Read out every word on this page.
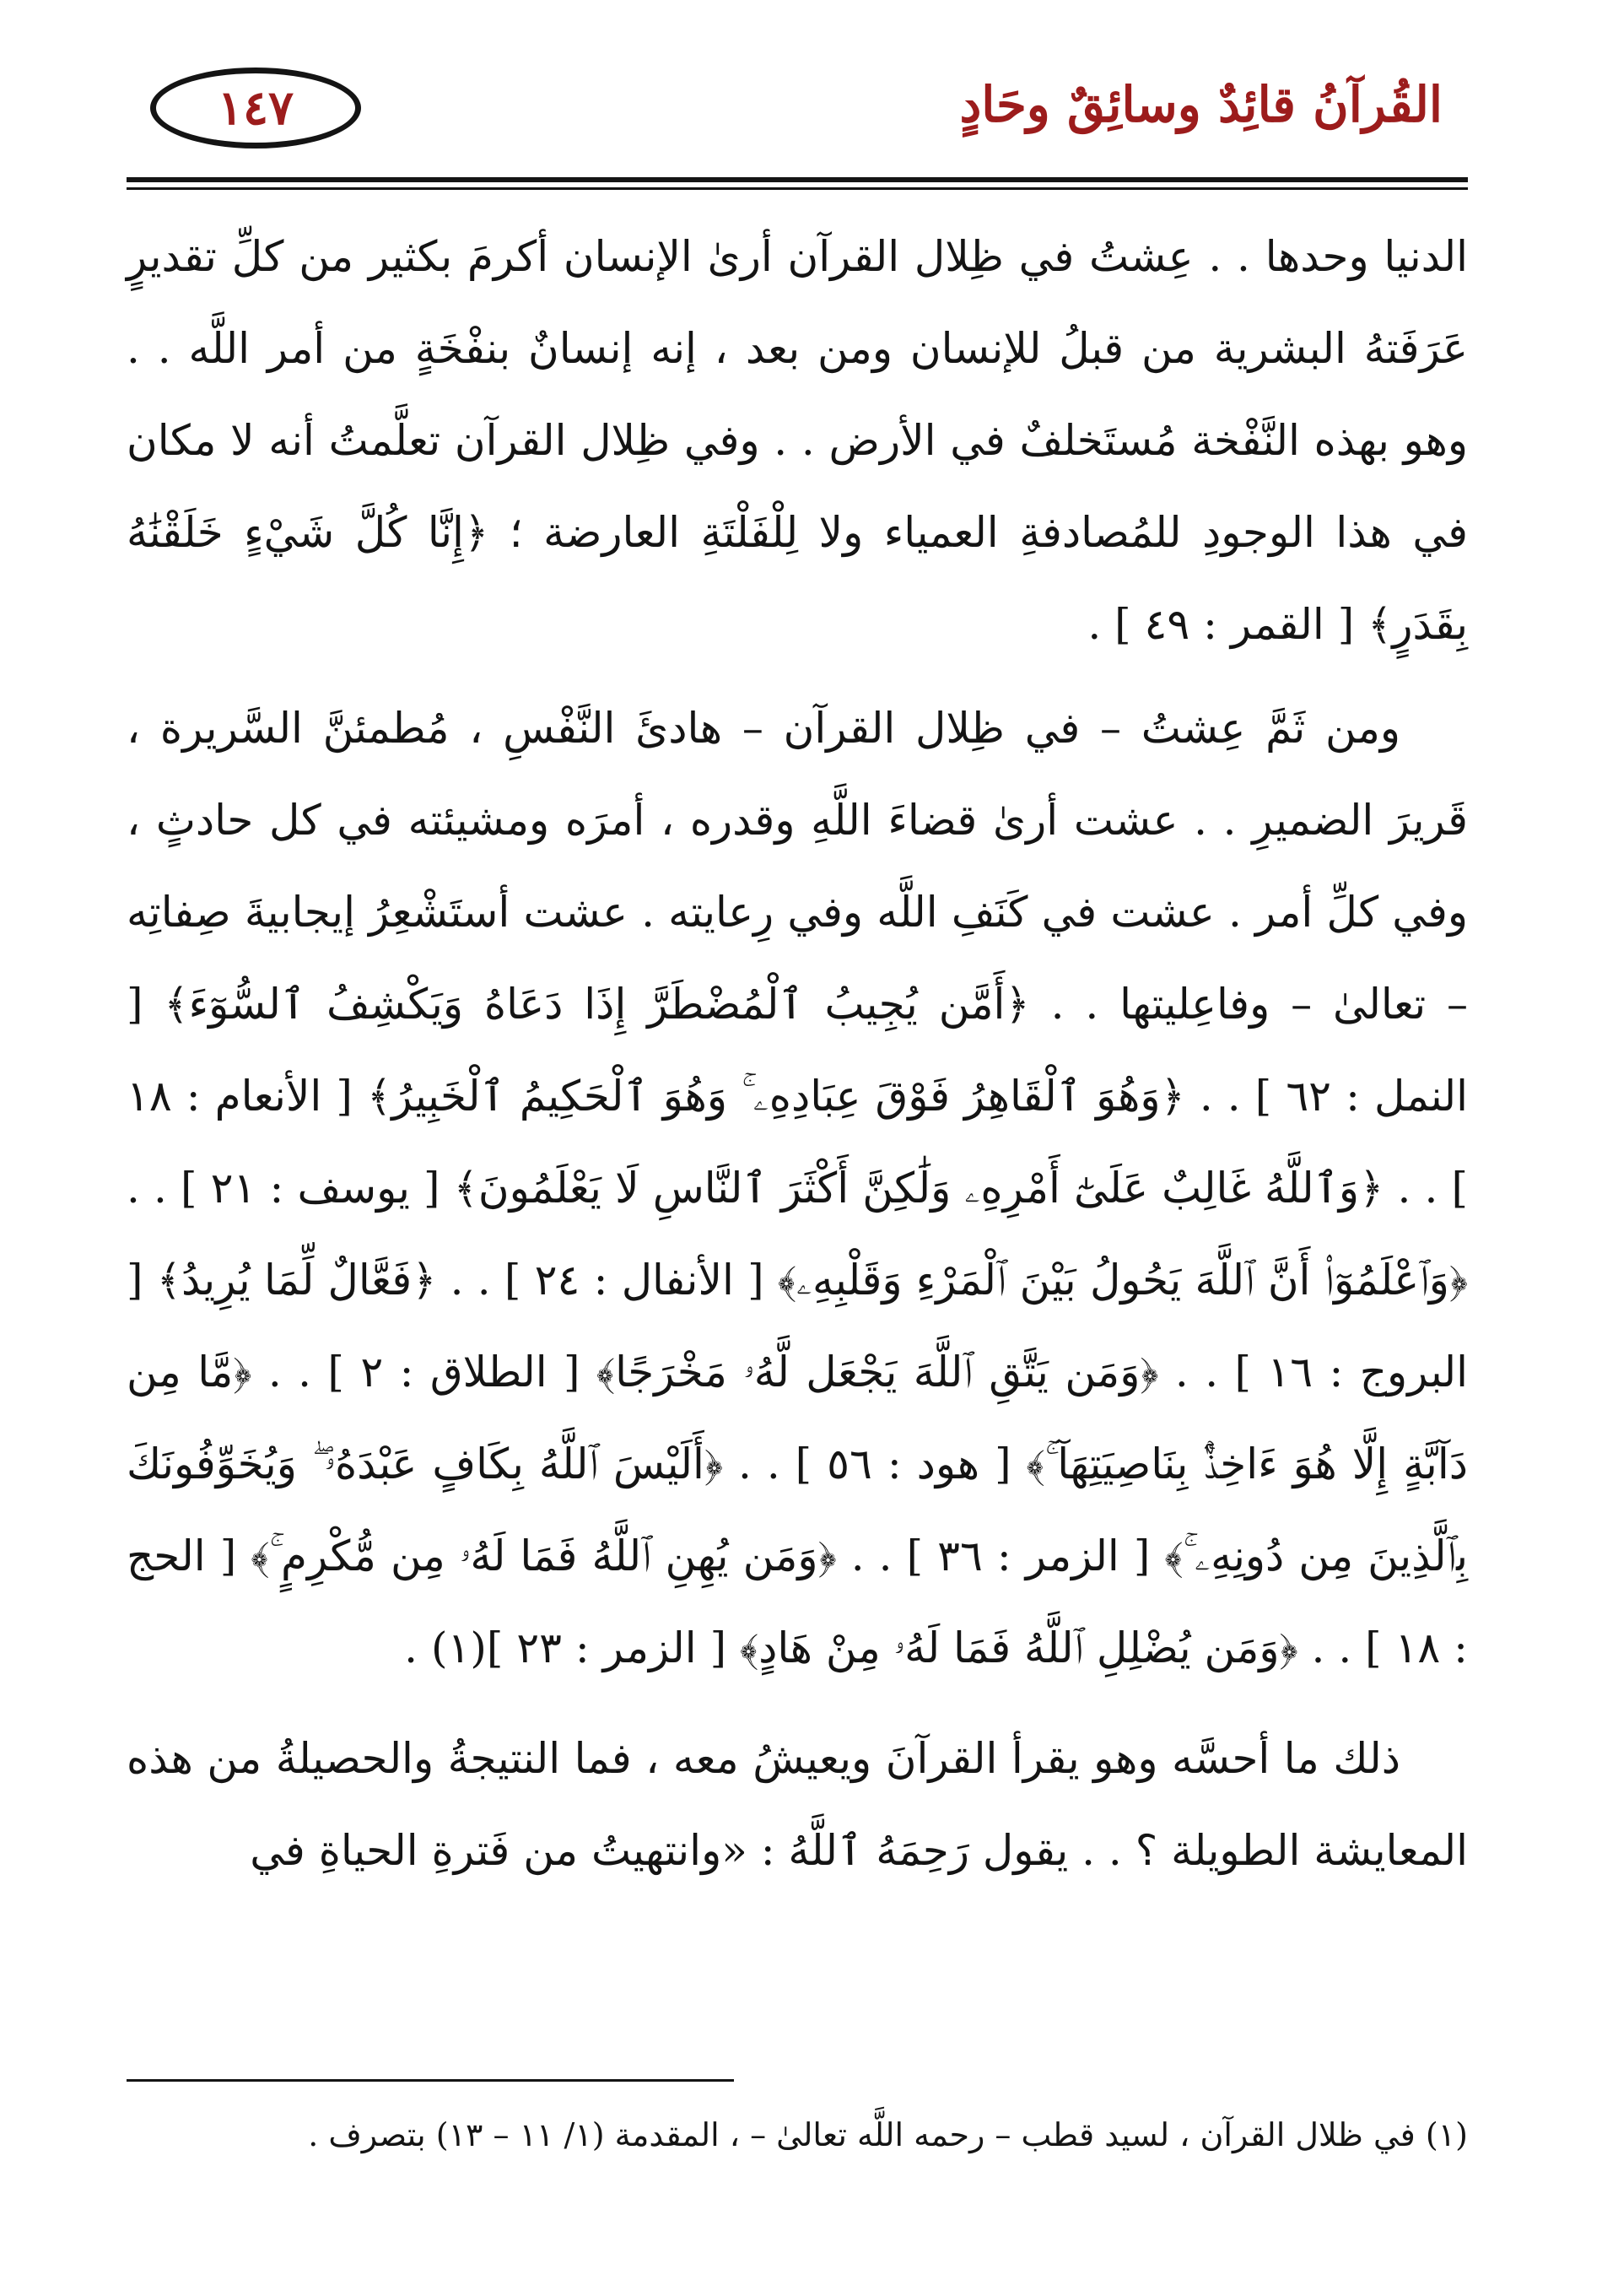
القُرآنُ قائِدٌ وسائِقٌ وحَادٍ
١٤٧

الدنيا وحدها . . عِشتُ في ظِلال القرآن أرىٰ الإنسان أكرمَ بكثير من كلِّ تقديرٍ عَرَفَتهُ البشرية من قبلُ للإنسان ومن بعد ، إنه إنسانٌ بنفْخَةٍ من أمر اللَّه . . وهو بهذه النَّفْخة مُستَخلفٌ في الأرض . . وفي ظِلال القرآن تعلَّمتُ أنه لا مكان في هذا الوجودِ للمُصادفةِ العمياء ولا لِلْفَلْتَةِ العارضة ؛ ﴿إِنَّا كُلَّ شَيْءٍ خَلَقْنَٰهُ بِقَدَرٍ﴾ [ القمر : ٤٩ ] .

ومن ثَمَّ عِشتُ – في ظِلال القرآن – هادئَ النَّفْسِ ، مُطمئنَّ السَّريرة ، قَريرَ الضميرِ . . عشت أرىٰ قضاءَ اللَّهِ وقدره ، أمرَه ومشيئته في كل حادثٍ ، وفي كلِّ أمر . عشت في كَنَفِ اللَّه وفي رِعايته . عشت أستَشْعِرُ إيجابيةَ صِفاتِه – تعالىٰ – وفاعِليتها . . ﴿أَمَّن يُجِيبُ ٱلْمُضْطَرَّ إِذَا دَعَاهُ وَيَكْشِفُ ٱلسُّوٓءَ﴾ [ النمل : ٦٢ ] . . ﴿وَهُوَ ٱلْقَاهِرُ فَوْقَ عِبَادِهِۦ ۚ وَهُوَ ٱلْحَكِيمُ ٱلْخَبِيرُ﴾ [ الأنعام : ١٨ ] . . ﴿وَٱللَّهُ غَالِبٌ عَلَىٰٓ أَمْرِهِۦ وَلَٰكِنَّ أَكْثَرَ ٱلنَّاسِ لَا يَعْلَمُونَ﴾ [ يوسف : ٢١ ] . . ﴿وَٱعْلَمُوٓا۟ أَنَّ ٱللَّهَ يَحُولُ بَيْنَ ٱلْمَرْءِ وَقَلْبِهِۦ﴾ [ الأنفال : ٢٤ ] . . ﴿فَعَّالٌ لِّمَا يُرِيدُ﴾ [ البروج : ١٦ ] . . ﴿وَمَن يَتَّقِ ٱللَّهَ يَجْعَل لَّهُۥ مَخْرَجًا﴾ [ الطلاق : ٢ ] . . ﴿مَّا مِن دَآبَّةٍ إِلَّا هُوَ ءَاخِذٌۢ بِنَاصِيَتِهَآ ۚ﴾ [ هود : ٥٦ ] . . ﴿أَلَيْسَ ٱللَّهُ بِكَافٍ عَبْدَهُۥ ۖ وَيُخَوِّفُونَكَ بِٱلَّذِينَ مِن دُونِهِۦ ۚ﴾ [ الزمر : ٣٦ ] . . ﴿وَمَن يُهِنِ ٱللَّهُ فَمَا لَهُۥ مِن مُّكْرِمٍ ۚ﴾ [ الحج : ١٨ ] . . ﴿وَمَن يُضْلِلِ ٱللَّهُ فَمَا لَهُۥ مِنْ هَادٍ﴾ [ الزمر : ٢٣ ](١) .

ذلك ما أحسَّه وهو يقرأ القرآنَ ويعيشُ معه ، فما النتيجةُ والحصيلةُ من هذه المعايشة الطويلة ؟ . . يقول رَحِمَهُ ٱللَّهُ : «وانتهيتُ من فَترةِ الحياةِ في

(١) في ظلال القرآن ، لسيد قطب – رحمه اللَّه تعالىٰ – ، المقدمة (١/ ١١ – ١٣) بتصرف .
